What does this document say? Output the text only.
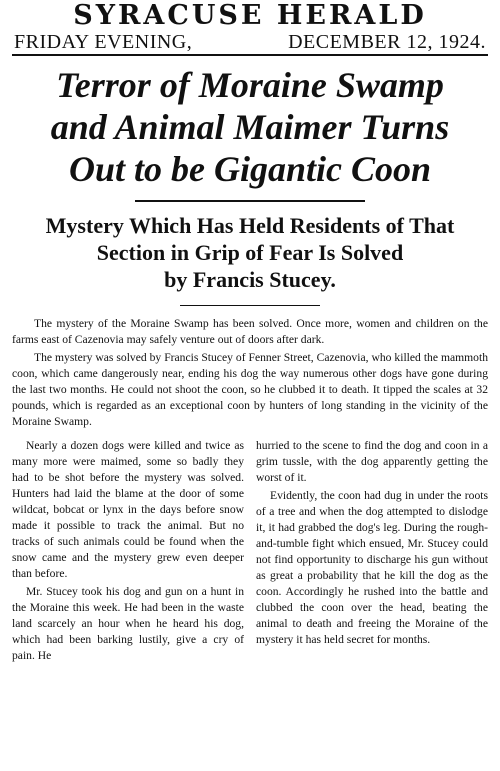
SYRACUSE HERALD
FRIDAY EVENING,	DECEMBER 12, 1924.
Terror of Moraine Swamp
and Animal Maimer Turns
Out to be Gigantic Coon
Mystery Which Has Held Residents of That
Section in Grip of Fear Is Solved
by Francis Stucey.

The mystery of the Moraine Swamp has been solved. Once more, women and children on the farms east of Cazenovia may safely venture out of doors after dark.

The mystery was solved by Francis Stucey of Fenner Street, Cazenovia, who killed the mammoth coon, which came dangerously near, ending his dog the way numerous other dogs have gone during the last two months. He could not shoot the coon, so he clubbed it to death. It tipped the scales at 32 pounds, which is regarded as an exceptional coon by hunters of long standing in the vicinity of the Moraine Swamp.

Nearly a dozen dogs were killed and twice as many more were maimed, some so badly they had to be shot before the mystery was solved. Hunters had laid the blame at the door of some wildcat, bobcat or lynx in the days before snow made it possible to track the animal. But no tracks of such animals could be found when the snow came and the mystery grew even deeper than before.

Mr. Stucey took his dog and gun on a hunt in the Moraine this week. He had been in the waste land scarcely an hour when he heard his dog, which had been barking lustily, give a cry of pain. He

hurried to the scene to find the dog and coon in a grim tussle, with the dog apparently getting the worst of it.

Evidently, the coon had dug in under the roots of a tree and when the dog attempted to dislodge it, it had grabbed the dog's leg. During the rough-and-tumble fight which ensued, Mr. Stucey could not find opportunity to discharge his gun without as great a probability that he kill the dog as the coon. Accordingly he rushed into the battle and clubbed the coon over the head, beating the animal to death and freeing the Moraine of the mystery it has held secret for months.
